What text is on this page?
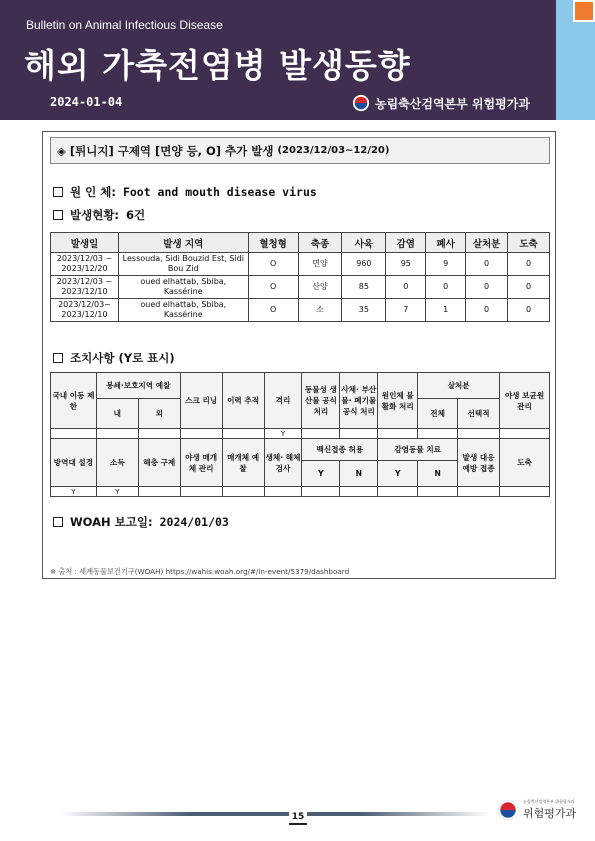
Bulletin on Animal Infectious Disease
해외 가축전염병 발생동향
2024-01-04	농림축산검역본부 위험평가과
◈
[튀니지] 구제역 [면양 등, O] 추가 발생 (2023/12/03~12/20)
원 인 체: Foot and mouth disease virus
발생현황: 6건
발생일	발생 지역	혈청형	축종	사육	감염	폐사	살처분	도축
2023/12/03 ~ 2023/12/20	Lessouda, Sidi Bouzid Est, Sidi Bou Zid	O	면양	960	95	9	0	0
2023/12/03 ~ 2023/12/10	oued elhattab, Sbiba, Kassérine	O	산양	85	0	0	0	0
2023/12/03~ 2023/12/10	oued elhattab, Sbiba, Kassérine	O	소	35	7	1	0	0
조치사항 (Y로 표시)
국내 이동 제한	봉쇄·보호지역 예찰		스크 리닝	이력 추적	격리	동물성 생산물 공식 처리	사체· 부산물· 폐기물 공식 처리	원인체 불활화 처리	살처분		야생 보균원 관리
	내	외							전체	선택적	
					Y						
방역대 설정	소독	해충 구제	야생 매개체 관리	매개체 예찰	생체· 해체 검사	백신접종 허용		감염동물 치료		발생 대응 예방 접종	도축
						Y	N	Y	N		
Y	Y										
WOAH 보고일: 2024/01/03
※ 출처 : 세계동물보건기구(WOAH) https://wahis.woah.org/#/in-event/5379/dashboard
15
농림축산검역본부 위험평가과
위험평가과
